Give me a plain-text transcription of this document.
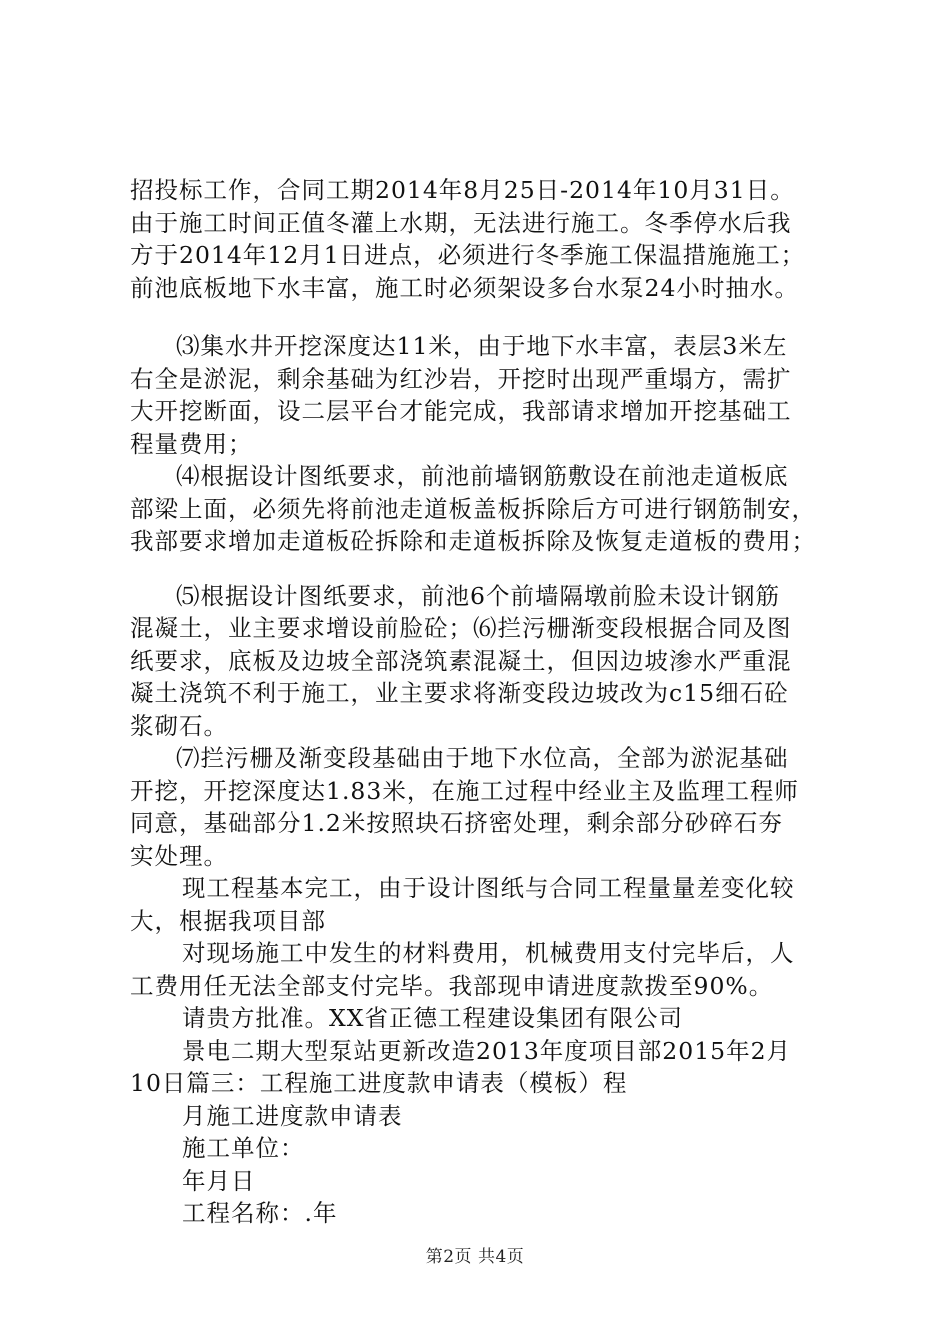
招投标工作，合同工期2014年8月25日-2014年10月31日。
由于施工时间正值冬灌上水期，无法进行施工。冬季停水后我
方于2014年12月1日进点，必须进行冬季施工保温措施施工；
前池底板地下水丰富，施工时必须架设多台水泵24小时抽水。
⑶集水井开挖深度达11米，由于地下水丰富，表层3米左
右全是淤泥，剩余基础为红沙岩，开挖时出现严重塌方，需扩
大开挖断面，设二层平台才能完成，我部请求增加开挖基础工
程量费用；
⑷根据设计图纸要求，前池前墙钢筋敷设在前池走道板底
部梁上面，必须先将前池走道板盖板拆除后方可进行钢筋制安，
我部要求增加走道板砼拆除和走道板拆除及恢复走道板的费用；
⑸根据设计图纸要求，前池6个前墙隔墩前脸未设计钢筋
混凝土，业主要求增设前脸砼；⑹拦污栅渐变段根据合同及图
纸要求，底板及边坡全部浇筑素混凝土，但因边坡渗水严重混
凝土浇筑不利于施工，业主要求将渐变段边坡改为c15细石砼
浆砌石。
⑺拦污栅及渐变段基础由于地下水位高，全部为淤泥基础
开挖，开挖深度达1.83米，在施工过程中经业主及监理工程师
同意，基础部分1.2米按照块石挤密处理，剩余部分砂碎石夯
实处理。
现工程基本完工，由于设计图纸与合同工程量量差变化较
大，根据我项目部
对现场施工中发生的材料费用，机械费用支付完毕后，人
工费用任无法全部支付完毕。我部现申请进度款拨至90%。
请贵方批准。XX省正德工程建设集团有限公司
景电二期大型泵站更新改造2013年度项目部2015年2月
10日篇三：工程施工进度款申请表（模板）程
月施工进度款申请表
施工单位：
年月日
工程名称：.年
第2页 共4页
